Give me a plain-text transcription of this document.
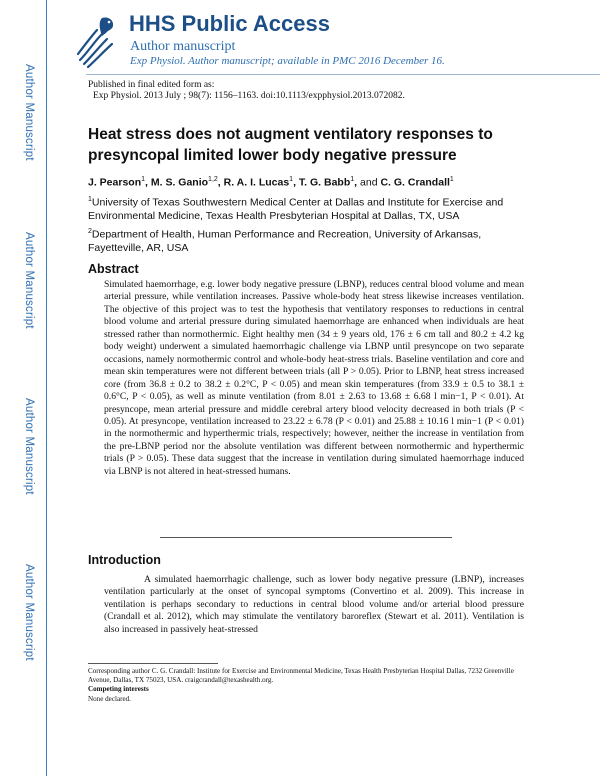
Author Manuscript
Author Manuscript
Author Manuscript
Author Manuscript
HHS Public Access
Author manuscript
Exp Physiol. Author manuscript; available in PMC 2016 December 16.
Published in final edited form as:
Exp Physiol. 2013 July ; 98(7): 1156–1163. doi:10.1113/expphysiol.2013.072082.
Heat stress does not augment ventilatory responses to presyncopal limited lower body negative pressure
J. Pearson$^1$, M. S. Ganio$^{1,2}$, R. A. I. Lucas$^1$, T. G. Babb$^1$, and C. G. Crandall$^1$
$^1$University of Texas Southwestern Medical Center at Dallas and Institute for Exercise and Environmental Medicine, Texas Health Presbyterian Hospital at Dallas, TX, USA
$^2$Department of Health, Human Performance and Recreation, University of Arkansas, Fayetteville, AR, USA
Abstract
Simulated haemorrhage, e.g. lower body negative pressure (LBNP), reduces central blood volume and mean arterial pressure, while ventilation increases. Passive whole-body heat stress likewise increases ventilation. The objective of this project was to test the hypothesis that ventilatory responses to reductions in central blood volume and arterial pressure during simulated haemorrhage are enhanced when individuals are heat stressed rather than normothermic. Eight healthy men (34 ± 9 years old, 176 ± 6 cm tall and 80.2 ± 4.2 kg body weight) underwent a simulated haemorrhagic challenge via LBNP until presyncope on two separate occasions, namely normothermic control and whole-body heat-stress trials. Baseline ventilation and core and mean skin temperatures were not different between trials (all P > 0.05). Prior to LBNP, heat stress increased core (from 36.8 ± 0.2 to 38.2 ± 0.2°C, P < 0.05) and mean skin temperatures (from 33.9 ± 0.5 to 38.1 ± 0.6°C, P < 0.05), as well as minute ventilation (from 8.01 ± 2.63 to 13.68 ± 6.68 l min−1, P < 0.01). At presyncope, mean arterial pressure and middle cerebral artery blood velocity decreased in both trials (P < 0.05). At presyncope, ventilation increased to 23.22 ± 6.78 (P < 0.01) and 25.88 ± 10.16 l min−1 (P < 0.01) in the normothermic and hyperthermic trials, respectively; however, neither the increase in ventilation from the pre-LBNP period nor the absolute ventilation was different between normothermic and hyperthermic trials (P > 0.05). These data suggest that the increase in ventilation during simulated haemorrhage induced via LBNP is not altered in heat-stressed humans.
Introduction
A simulated haemorrhagic challenge, such as lower body negative pressure (LBNP), increases ventilation particularly at the onset of syncopal symptoms (Convertino et al. 2009). This increase in ventilation is perhaps secondary to reductions in central blood volume and/or arterial blood pressure (Crandall et al. 2012), which may stimulate the ventilatory baroreflex (Stewart et al. 2011). Ventilation is also increased in passively heat-stressed
Corresponding author C. G. Crandall: Institute for Exercise and Environmental Medicine, Texas Health Presbyterian Hospital Dallas, 7232 Greenville Avenue, Dallas, TX 75023, USA. craigcrandall@texashealth.org.
Competing interests
None declared.
